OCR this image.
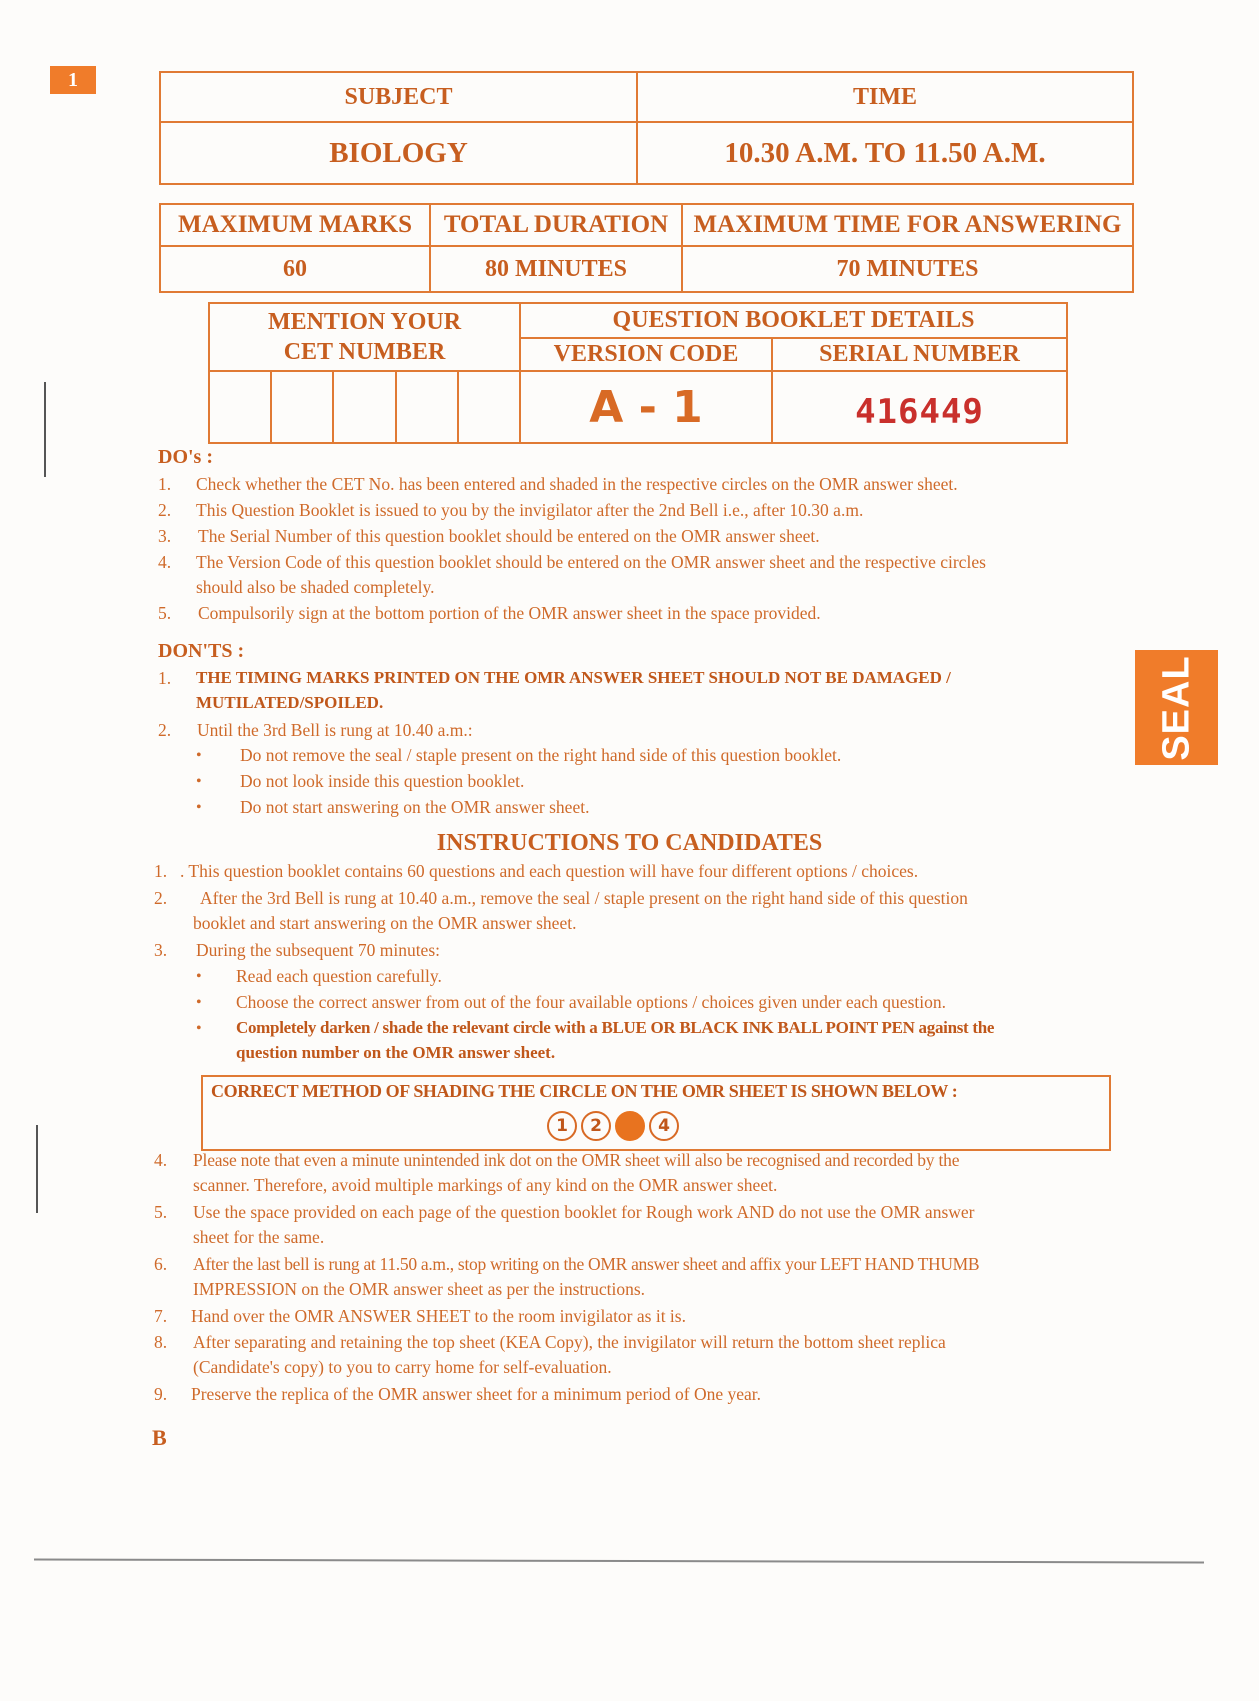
1
SUBJECT	TIME
BIOLOGY	10.30 A.M. TO 11.50 A.M.
MAXIMUM MARKS	TOTAL DURATION	MAXIMUM TIME FOR ANSWERING
60	80 MINUTES	70 MINUTES
MENTION YOUR
CET NUMBER					QUESTION BOOKLET DETAILS	
					VERSION CODE	SERIAL NUMBER
					A - 1	416449
DO's :
1. Check whether the CET No. has been entered and shaded in the respective circles on the OMR answer sheet.
2. This Question Booklet is issued to you by the invigilator after the 2nd Bell i.e., after 10.30 a.m.
3. The Serial Number of this question booklet should be entered on the OMR answer sheet.
4. The Version Code of this question booklet should be entered on the OMR answer sheet and the respective circles
should also be shaded completely.
5. Compulsorily sign at the bottom portion of the OMR answer sheet in the space provided.
DON'TS :
1. THE TIMING MARKS PRINTED ON THE OMR ANSWER SHEET SHOULD NOT BE DAMAGED /
MUTILATED/SPOILED.
2. Until the 3rd Bell is rung at 10.40 a.m.:
• Do not remove the seal / staple present on the right hand side of this question booklet.
• Do not look inside this question booklet.
• Do not start answering on the OMR answer sheet.
INSTRUCTIONS TO CANDIDATES
1. . This question booklet contains 60 questions and each question will have four different options / choices.
2. After the 3rd Bell is rung at 10.40 a.m., remove the seal / staple present on the right hand side of this question
booklet and start answering on the OMR answer sheet.
3. During the subsequent 70 minutes:
• Read each question carefully.
• Choose the correct answer from out of the four available options / choices given under each question.
• Completely darken / shade the relevant circle with a BLUE OR BLACK INK BALL POINT PEN against the
question number on the OMR answer sheet.
CORRECT METHOD OF SHADING THE CIRCLE ON THE OMR SHEET IS SHOWN BELOW :
1	2	4
4. Please note that even a minute unintended ink dot on the OMR sheet will also be recognised and recorded by the
scanner. Therefore, avoid multiple markings of any kind on the OMR answer sheet.
5. Use the space provided on each page of the question booklet for Rough work AND do not use the OMR answer
sheet for the same.
6. After the last bell is rung at 11.50 a.m., stop writing on the OMR answer sheet and affix your LEFT HAND THUMB
IMPRESSION on the OMR answer sheet as per the instructions.
7. Hand over the OMR ANSWER SHEET to the room invigilator as it is.
8. After separating and retaining the top sheet (KEA Copy), the invigilator will return the bottom sheet replica
(Candidate's copy) to you to carry home for self-evaluation.
9. Preserve the replica of the OMR answer sheet for a minimum period of One year.
B
SEAL
